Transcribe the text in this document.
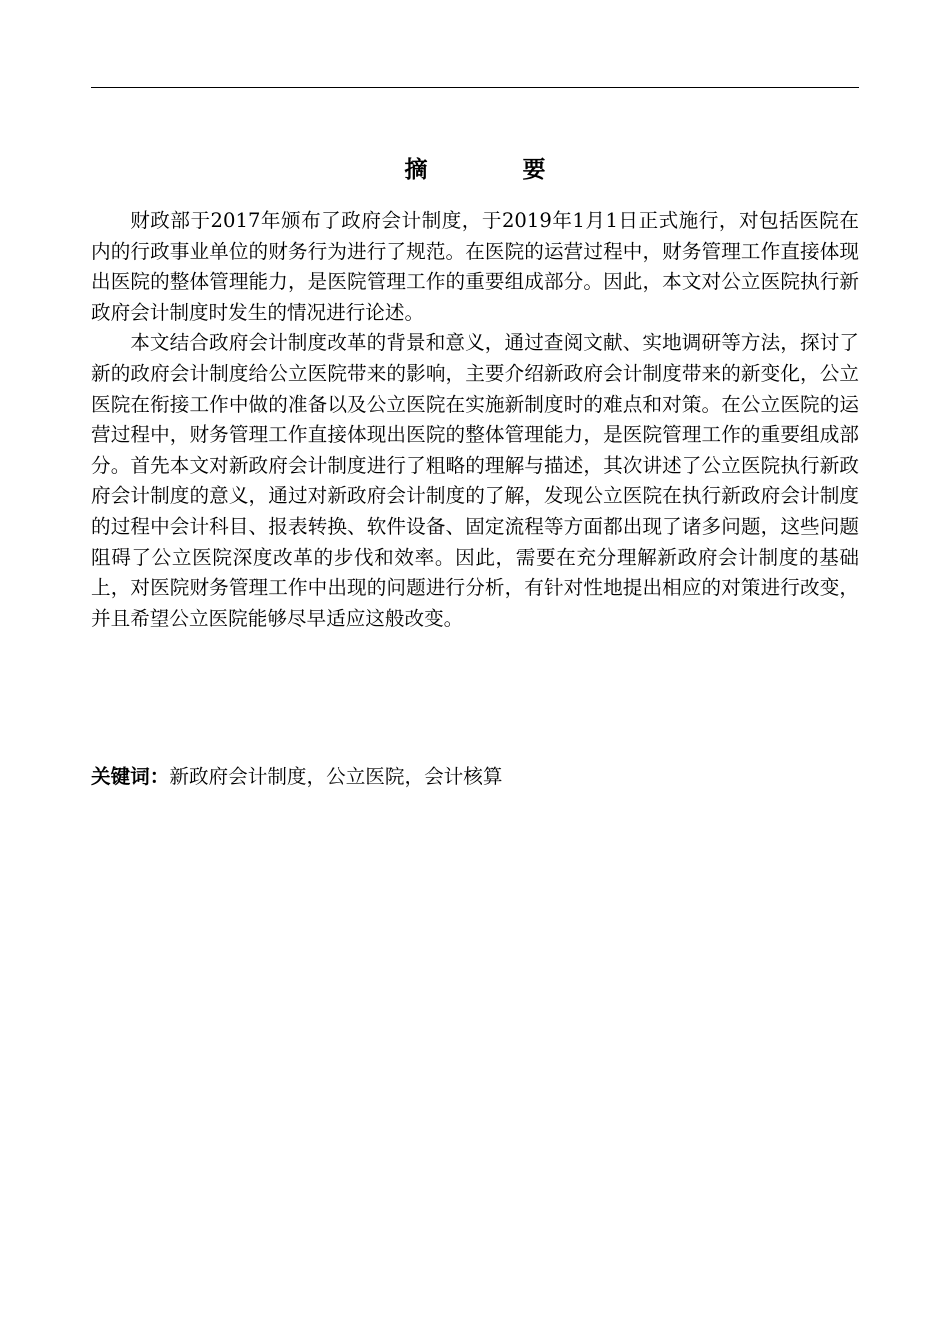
摘　要

财政部于2017年颁布了政府会计制度，于2019年1月1日正式施行，对包括医院在内的行政事业单位的财务行为进行了规范。在医院的运营过程中，财务管理工作直接体现出医院的整体管理能力，是医院管理工作的重要组成部分。因此，本文对公立医院执行新政府会计制度时发生的情况进行论述。

本文结合政府会计制度改革的背景和意义，通过查阅文献、实地调研等方法，探讨了新的政府会计制度给公立医院带来的影响，主要介绍新政府会计制度带来的新变化，公立医院在衔接工作中做的准备以及公立医院在实施新制度时的难点和对策。在公立医院的运营过程中，财务管理工作直接体现出医院的整体管理能力，是医院管理工作的重要组成部分。首先本文对新政府会计制度进行了粗略的理解与描述，其次讲述了公立医院执行新政府会计制度的意义，通过对新政府会计制度的了解，发现公立医院在执行新政府会计制度的过程中会计科目、报表转换、软件设备、固定流程等方面都出现了诸多问题，这些问题阻碍了公立医院深度改革的步伐和效率。因此，需要在充分理解新政府会计制度的基础上，对医院财务管理工作中出现的问题进行分析，有针对性地提出相应的对策进行改变，并且希望公立医院能够尽早适应这般改变。

关键词：新政府会计制度，公立医院，会计核算
